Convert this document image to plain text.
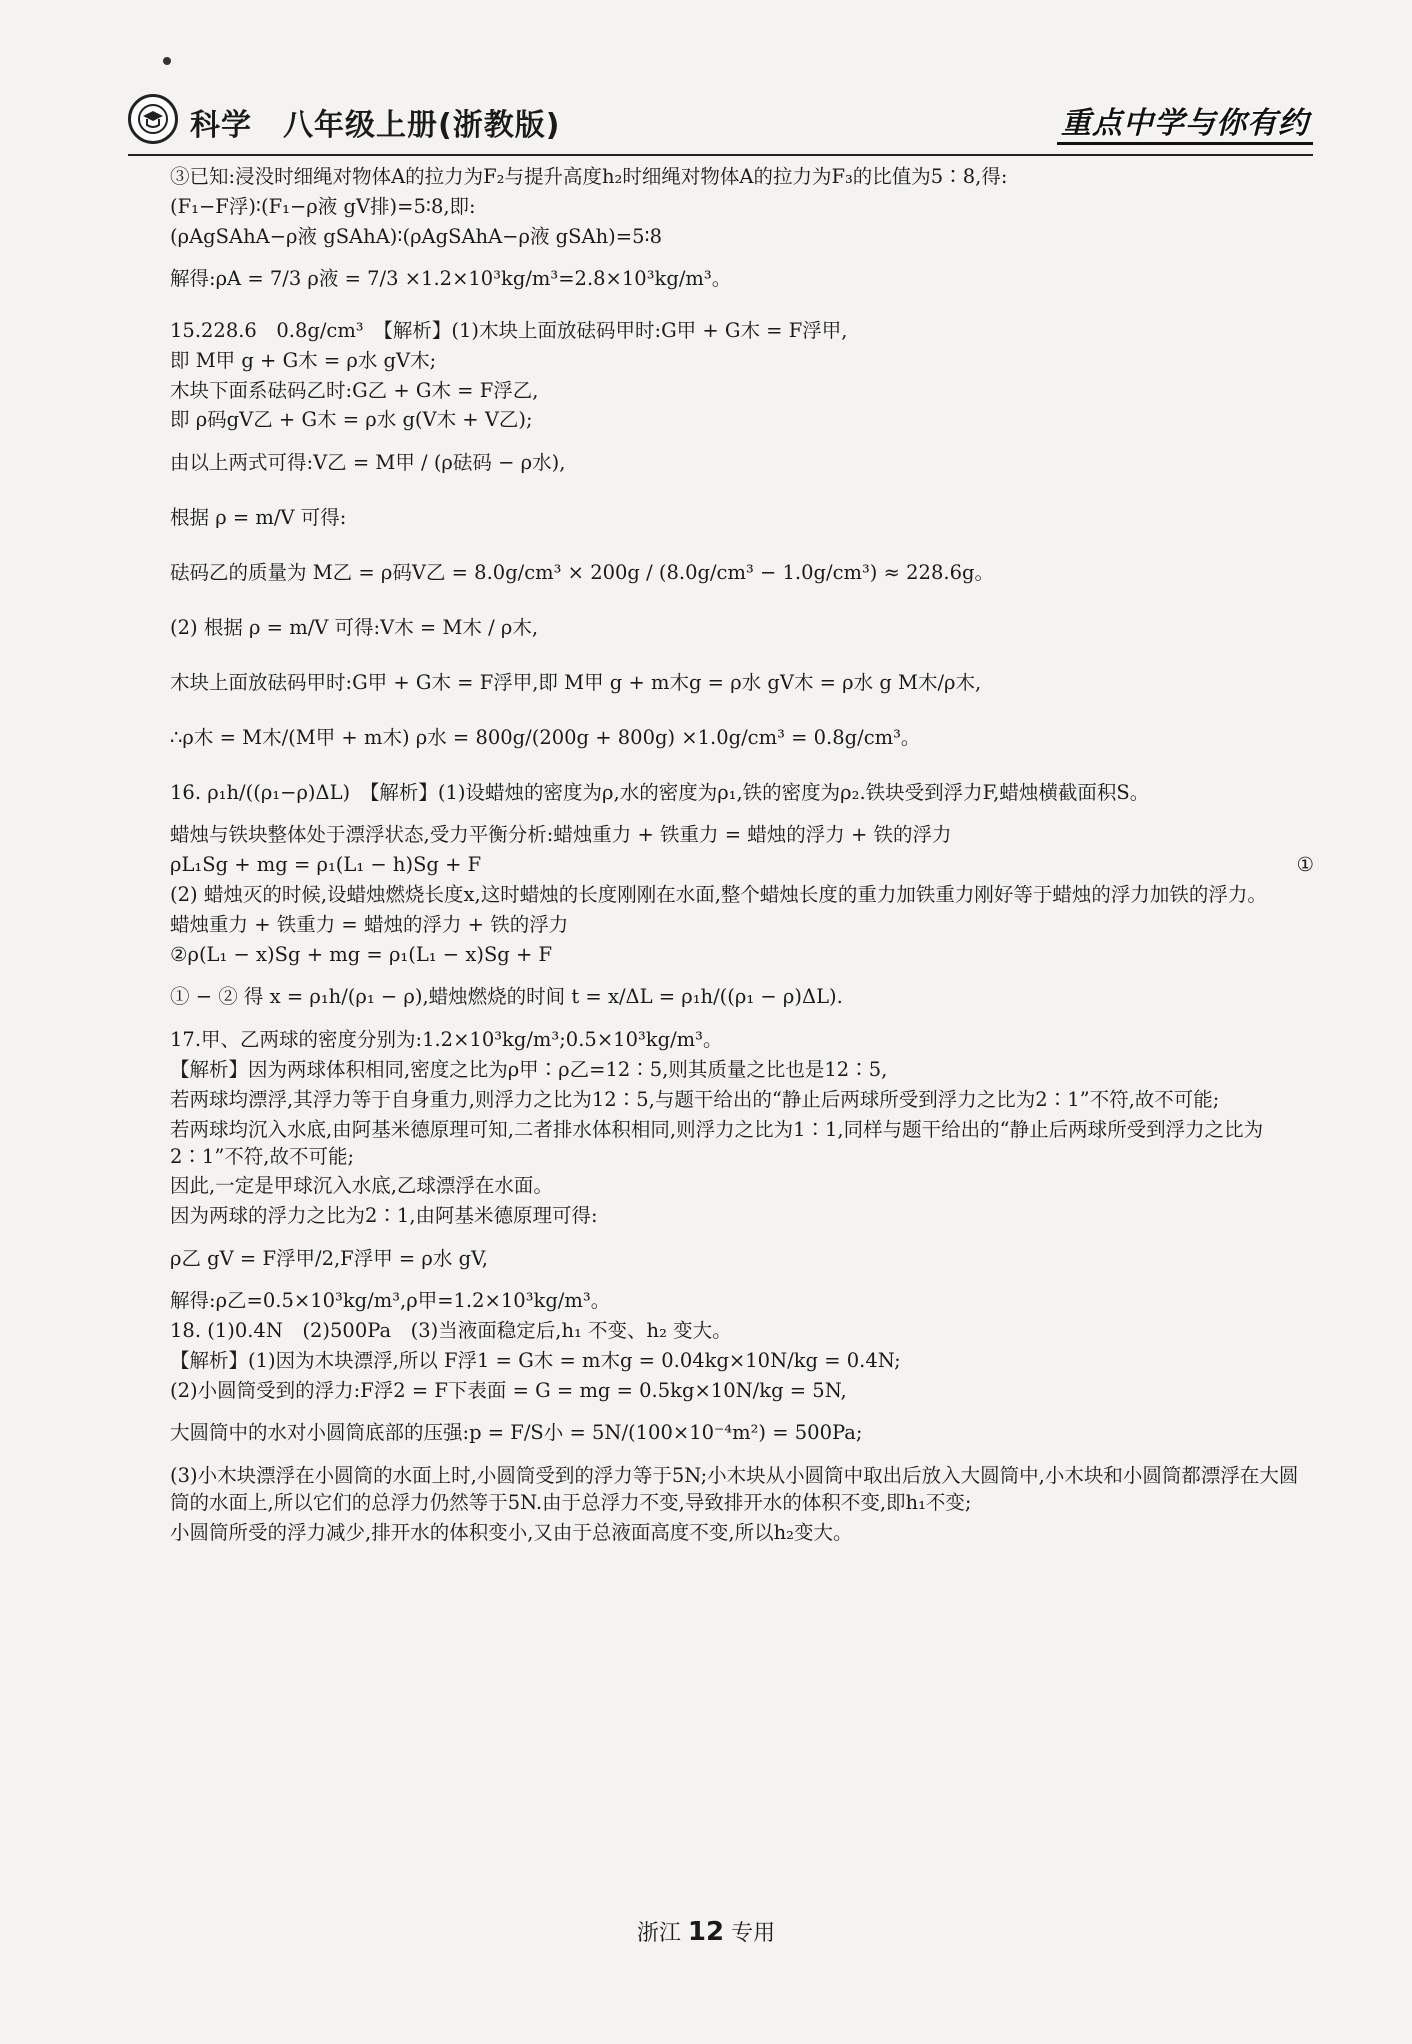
科学　八年级上册(浙教版)	重点中学与你有约

③已知:浸没时细绳对物体A的拉力为F₂与提升高度h₂时细绳对物体A的拉力为F₃的比值为5∶8,得:

(F₁−F浮)∶(F₁−ρ液 gV排)=5∶8,即:

(ρAgSAhA−ρ液 gSAhA)∶(ρAgSAhA−ρ液 gSAh)=5∶8

解得:ρA = 7/3 ρ液 = 7/3 ×1.2×10³kg/m³=2.8×10³kg/m³。

15.228.6　0.8g/cm³　【解析】(1)木块上面放砝码甲时:G甲 + G木 = F浮甲,

即 M甲 g + G木 = ρ水 gV木;

木块下面系砝码乙时:G乙 + G木 = F浮乙,

即 ρ码gV乙 + G木 = ρ水 g(V木 + V乙);

由以上两式可得:V乙 = M甲 / (ρ砝码 − ρ水),

根据 ρ = m/V 可得:

砝码乙的质量为 M乙 = ρ码V乙 = 8.0g/cm³ × 200g / (8.0g/cm³ − 1.0g/cm³) ≈ 228.6g。

(2) 根据 ρ = m/V 可得:V木 = M木 / ρ木,

木块上面放砝码甲时:G甲 + G木 = F浮甲,即 M甲 g + m木g = ρ水 gV木 = ρ水 g M木/ρ木,

∴ρ木 = M木/(M甲 + m木) ρ水 = 800g/(200g + 800g) ×1.0g/cm³ = 0.8g/cm³。

16. ρ₁h/((ρ₁−ρ)ΔL)　【解析】(1)设蜡烛的密度为ρ,水的密度为ρ₁,铁的密度为ρ₂.铁块受到浮力F,蜡烛横截面积S。

蜡烛与铁块整体处于漂浮状态,受力平衡分析:蜡烛重力 + 铁重力 = 蜡烛的浮力 + 铁的浮力

ρL₁Sg + mg = ρ₁(L₁ − h)Sg + F	①

(2) 蜡烛灭的时候,设蜡烛燃烧长度x,这时蜡烛的长度刚刚在水面,整个蜡烛长度的重力加铁重力刚好等于蜡烛的浮力加铁的浮力。

蜡烛重力 + 铁重力 = 蜡烛的浮力 + 铁的浮力

②ρ(L₁ − x)Sg + mg = ρ₁(L₁ − x)Sg + F

① − ② 得 x = ρ₁h/(ρ₁ − ρ),蜡烛燃烧的时间 t = x/ΔL = ρ₁h/((ρ₁ − ρ)ΔL).

17.甲、乙两球的密度分别为:1.2×10³kg/m³;0.5×10³kg/m³。

【解析】因为两球体积相同,密度之比为ρ甲∶ρ乙=12∶5,则其质量之比也是12∶5,

若两球均漂浮,其浮力等于自身重力,则浮力之比为12∶5,与题干给出的“静止后两球所受到浮力之比为2∶1”不符,故不可能;

若两球均沉入水底,由阿基米德原理可知,二者排水体积相同,则浮力之比为1∶1,同样与题干给出的“静止后两球所受到浮力之比为2∶1”不符,故不可能;

因此,一定是甲球沉入水底,乙球漂浮在水面。

因为两球的浮力之比为2∶1,由阿基米德原理可得:

ρ乙 gV = F浮甲/2,F浮甲 = ρ水 gV,

解得:ρ乙=0.5×10³kg/m³,ρ甲=1.2×10³kg/m³。

18. (1)0.4N　(2)500Pa　(3)当液面稳定后,h₁ 不变、h₂ 变大。

【解析】(1)因为木块漂浮,所以 F浮1 = G木 = m木g = 0.04kg×10N/kg = 0.4N;

(2)小圆筒受到的浮力:F浮2 = F下表面 = G = mg = 0.5kg×10N/kg = 5N,

大圆筒中的水对小圆筒底部的压强:p = F/S小 = 5N/(100×10⁻⁴m²) = 500Pa;

(3)小木块漂浮在小圆筒的水面上时,小圆筒受到的浮力等于5N;小木块从小圆筒中取出后放入大圆筒中,小木块和小圆筒都漂浮在大圆筒的水面上,所以它们的总浮力仍然等于5N.由于总浮力不变,导致排开水的体积不变,即h₁不变;

小圆筒所受的浮力减少,排开水的体积变小,又由于总液面高度不变,所以h₂变大。

浙江 12 专用
